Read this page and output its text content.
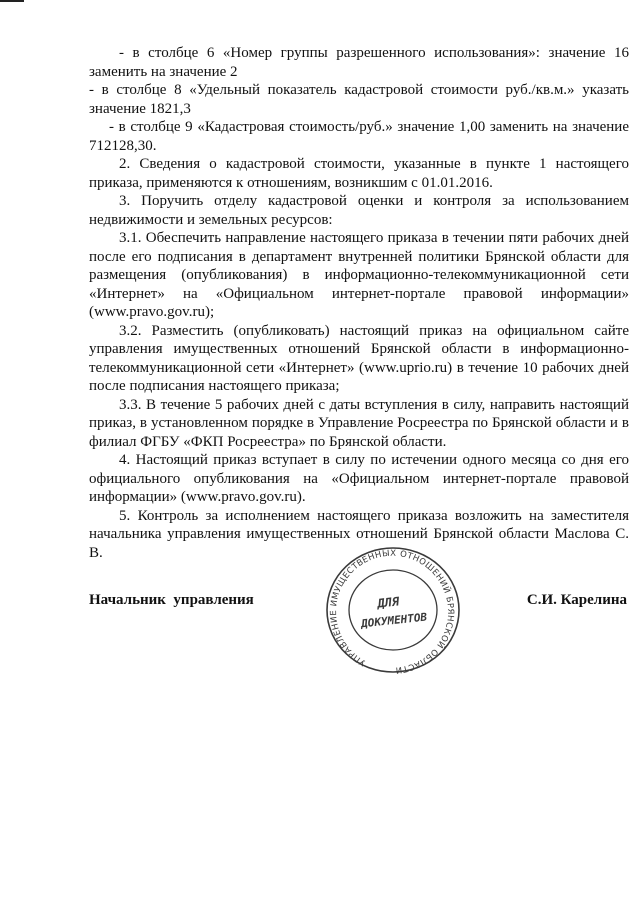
- в столбце 6 «Номер группы разрешенного использования»: значение 16 заменить на значение 2

- в столбце 8 «Удельный показатель кадастровой стоимости руб./кв.м.» указать значение 1821,3

- в столбце 9 «Кадастровая стоимость/руб.» значение 1,00 заменить на значение 712128,30.

2. Сведения о кадастровой стоимости, указанные в пункте 1 настоящего приказа, применяются к отношениям, возникшим с 01.01.2016.

3. Поручить отделу кадастровой оценки и контроля за использованием недвижимости и земельных ресурсов:

3.1. Обеспечить направление настоящего приказа в течении пяти рабочих дней после его подписания в департамент внутренней политики Брянской области для размещения (опубликования) в информационно-телекоммуникационной сети «Интернет» на «Официальном интернет-портале правовой информации» (www.pravo.gov.ru);

3.2. Разместить (опубликовать) настоящий приказ на официальном сайте управления имущественных отношений Брянской области в информационно-телекоммуникационной сети «Интернет» (www.uprio.ru) в течение 10 рабочих дней после подписания настоящего приказа;

3.3. В течение 5 рабочих дней с даты вступления в силу, направить настоящий приказ, в установленном порядке в Управление Росреестра по Брянской области и в филиал ФГБУ «ФКП Росреестра» по Брянской области.

4. Настоящий приказ вступает в силу по истечении одного месяца со дня его официального опубликования на «Официальном интернет-портале правовой информации» (www.pravo.gov.ru).

5. Контроль за исполнением настоящего приказа возложить на заместителя начальника управления имущественных отношений Брянской области Маслова С. В.

Начальник  управления	С.И. Карелина
УПРАВЛЕНИЕ ИМУЩЕСТВЕННЫХ ОТНОШЕНИЙ БРЯНСКОЙ ОБЛАСТИ
ДЛЯ
ДОКУМЕНТОВ
